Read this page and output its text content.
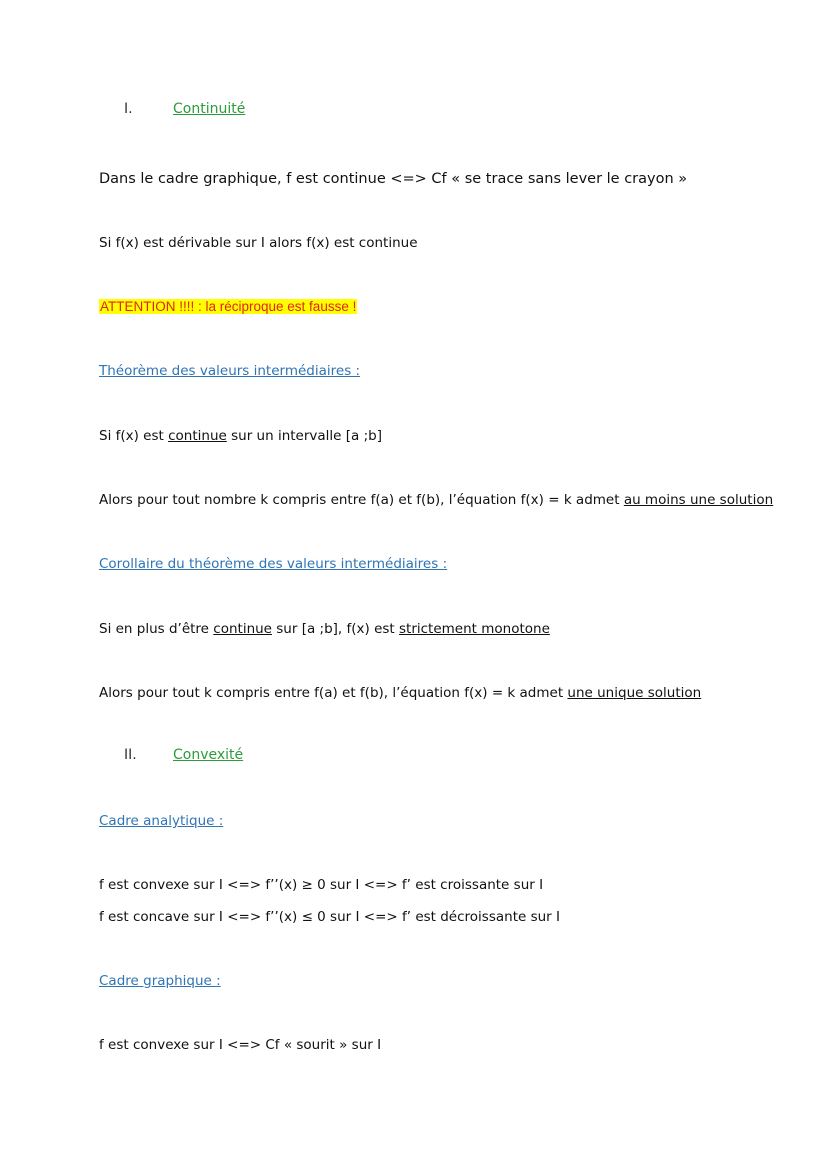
I.	Continuité
Dans le cadre graphique, f est continue <=> Cf « se trace sans lever le crayon »
Si f(x) est dérivable sur I alors f(x) est continue
ATTENTION !!!! : la réciproque est fausse !
Théorème des valeurs intermédiaires :
Si f(x) est continue sur un intervalle [a ;b]
Alors pour tout nombre k compris entre f(a) et f(b), l’équation f(x) = k admet au moins une solution
Corollaire du théorème des valeurs intermédiaires :
Si en plus d’être continue sur [a ;b], f(x) est strictement monotone
Alors pour tout k compris entre f(a) et f(b), l’équation f(x) = k admet une unique solution
II.	Convexité
Cadre analytique :
f est convexe sur I <=> f’’(x) ≥ 0 sur I <=> f’ est croissante sur I
f est concave sur I <=> f’’(x) ≤ 0 sur I <=> f’ est décroissante sur I
Cadre graphique :
f est convexe sur I <=> Cf « sourit » sur I
